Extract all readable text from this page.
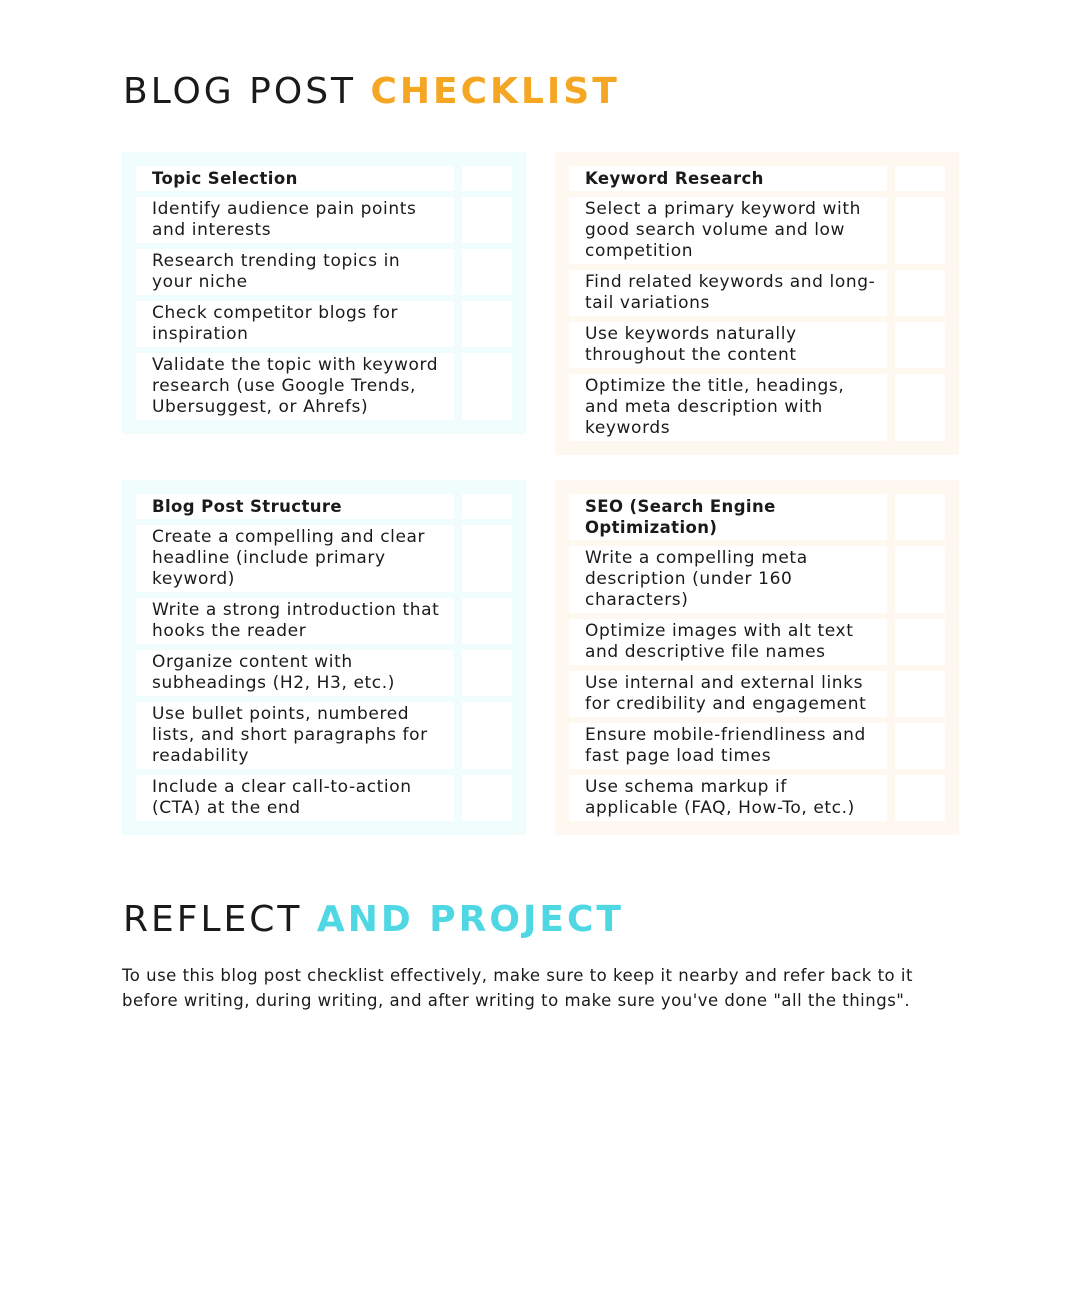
BLOG POST CHECKLIST
Topic Selection
Identify audience pain points and interests
Research trending topics in your niche
Check competitor blogs for inspiration
Validate the topic with keyword research (use Google Trends, Ubersuggest, or Ahrefs)
Keyword Research
Select a primary keyword with good search volume and low competition
Find related keywords and long-tail variations
Use keywords naturally throughout the content
Optimize the title, headings, and meta description with keywords
Blog Post Structure
Create a compelling and clear headline (include primary keyword)
Write a strong introduction that hooks the reader
Organize content with subheadings (H2, H3, etc.)
Use bullet points, numbered lists, and short paragraphs for readability
Include a clear call-to-action (CTA) at the end
SEO (Search Engine Optimization)
Write a compelling meta description (under 160 characters)
Optimize images with alt text and descriptive file names
Use internal and external links for credibility and engagement
Ensure mobile-friendliness and fast page load times
Use schema markup if applicable (FAQ, How-To, etc.)
REFLECT AND PROJECT

To use this blog post checklist effectively, make sure to keep it nearby and refer back to it before writing, during writing, and after writing to make sure you've done "all the things".
